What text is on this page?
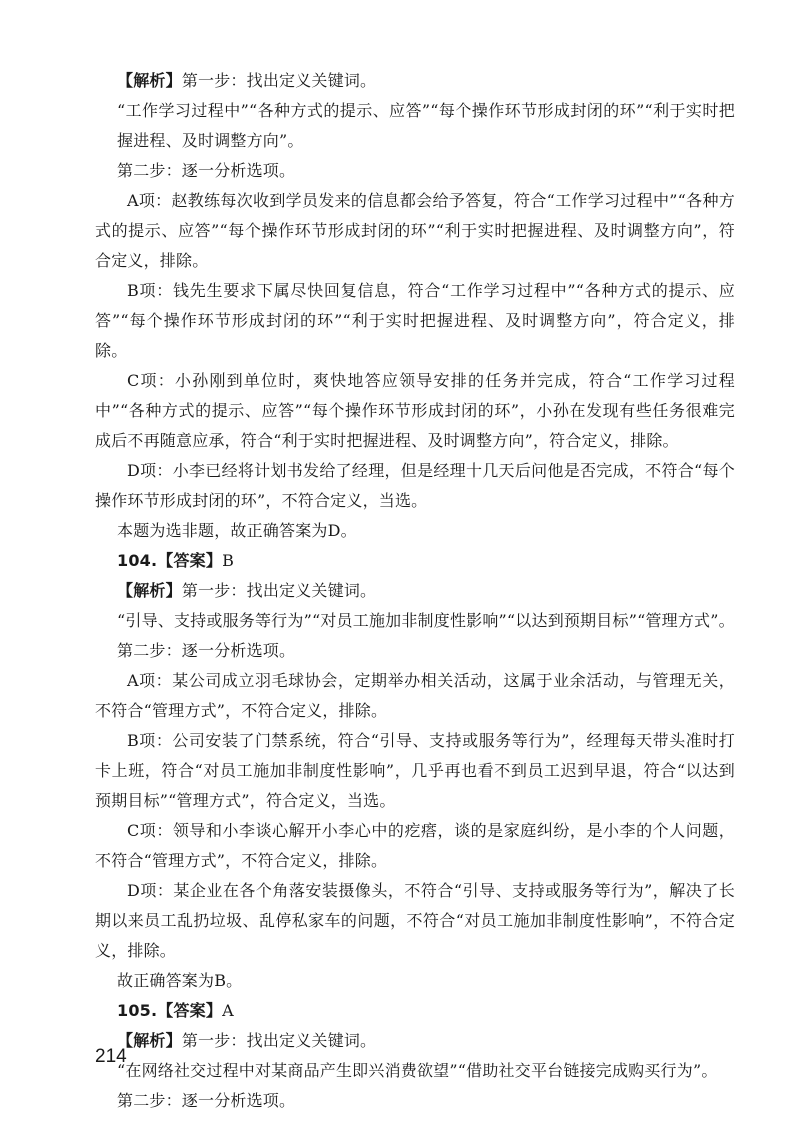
【解析】第一步：找出定义关键词。

“工作学习过程中”“各种方式的提示、应答”“每个操作环节形成封闭的环”“利于实时把握进程、及时调整方向”。

第二步：逐一分析选项。

A项：赵教练每次收到学员发来的信息都会给予答复，符合“工作学习过程中”“各种方式的提示、应答”“每个操作环节形成封闭的环”“利于实时把握进程、及时调整方向”，符合定义，排除。

B项：钱先生要求下属尽快回复信息，符合“工作学习过程中”“各种方式的提示、应答”“每个操作环节形成封闭的环”“利于实时把握进程、及时调整方向”，符合定义，排除。

C项：小孙刚到单位时，爽快地答应领导安排的任务并完成，符合“工作学习过程中”“各种方式的提示、应答”“每个操作环节形成封闭的环”，小孙在发现有些任务很难完成后不再随意应承，符合“利于实时把握进程、及时调整方向”，符合定义，排除。

D项：小李已经将计划书发给了经理，但是经理十几天后问他是否完成，不符合“每个操作环节形成封闭的环”，不符合定义，当选。

本题为选非题，故正确答案为D。

104.【答案】B

【解析】第一步：找出定义关键词。

“引导、支持或服务等行为”“对员工施加非制度性影响”“以达到预期目标”“管理方式”。

第二步：逐一分析选项。

A项：某公司成立羽毛球协会，定期举办相关活动，这属于业余活动，与管理无关，不符合“管理方式”，不符合定义，排除。

B项：公司安装了门禁系统，符合“引导、支持或服务等行为”，经理每天带头准时打卡上班，符合“对员工施加非制度性影响”，几乎再也看不到员工迟到早退，符合“以达到预期目标”“管理方式”，符合定义，当选。

C项：领导和小李谈心解开小李心中的疙瘩，谈的是家庭纠纷，是小李的个人问题，不符合“管理方式”，不符合定义，排除。

D项：某企业在各个角落安装摄像头，不符合“引导、支持或服务等行为”，解决了长期以来员工乱扔垃圾、乱停私家车的问题，不符合“对员工施加非制度性影响”，不符合定义，排除。

故正确答案为B。

105.【答案】A

【解析】第一步：找出定义关键词。

“在网络社交过程中对某商品产生即兴消费欲望”“借助社交平台链接完成购买行为”。

第二步：逐一分析选项。

214
